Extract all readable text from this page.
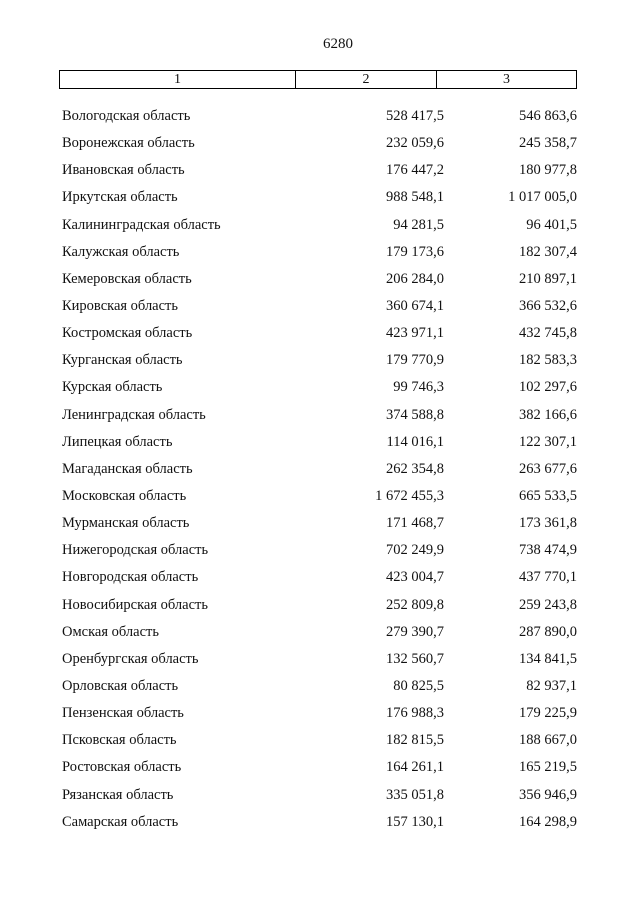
6280
1	2	3
Вологодская область	528 417,5	546 863,6
Воронежская область	232 059,6	245 358,7
Ивановская область	176 447,2	180 977,8
Иркутская область	988 548,1	1 017 005,0
Калининградская область	94 281,5	96 401,5
Калужская область	179 173,6	182 307,4
Кемеровская область	206 284,0	210 897,1
Кировская область	360 674,1	366 532,6
Костромская область	423 971,1	432 745,8
Курганская область	179 770,9	182 583,3
Курская область	99 746,3	102 297,6
Ленинградская область	374 588,8	382 166,6
Липецкая область	114 016,1	122 307,1
Магаданская область	262 354,8	263 677,6
Московская область	1 672 455,3	665 533,5
Мурманская область	171 468,7	173 361,8
Нижегородская область	702 249,9	738 474,9
Новгородская область	423 004,7	437 770,1
Новосибирская область	252 809,8	259 243,8
Омская область	279 390,7	287 890,0
Оренбургская область	132 560,7	134 841,5
Орловская область	80 825,5	82 937,1
Пензенская область	176 988,3	179 225,9
Псковская область	182 815,5	188 667,0
Ростовская область	164 261,1	165 219,5
Рязанская область	335 051,8	356 946,9
Самарская область	157 130,1	164 298,9
